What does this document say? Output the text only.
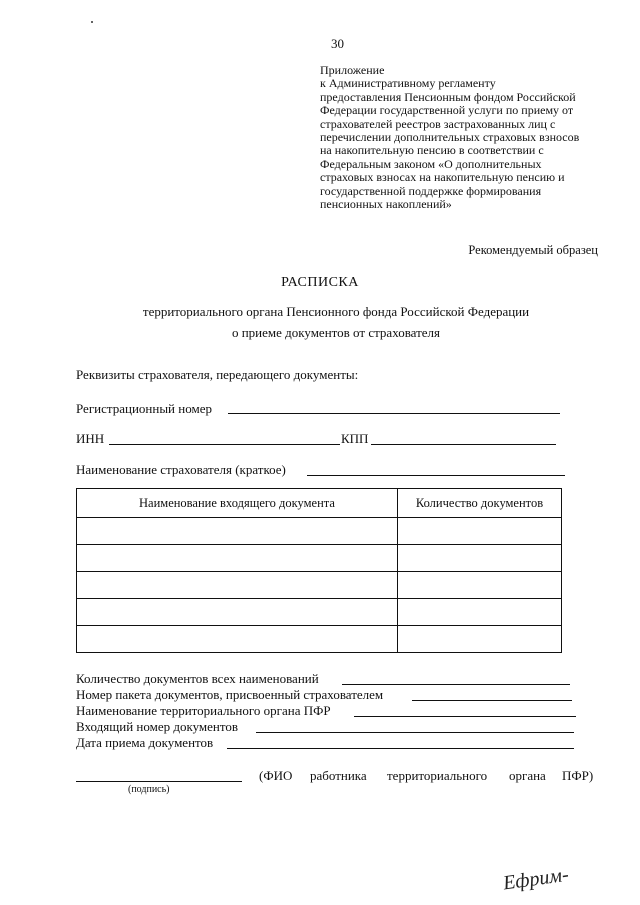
30
Приложение
к Административному регламенту
предоставления Пенсионным фондом Российской
Федерации государственной услуги по приему от
страхователей реестров застрахованных лиц с
перечислении дополнительных страховых взносов
на накопительную пенсию в соответствии с
Федеральным законом «О дополнительных
страховых взносах на накопительную пенсию и
государственной поддержке формирования
пенсионных накоплений»
Рекомендуемый образец
РАСПИСКА
территориального органа Пенсионного фонда Российской Федерации
о приеме документов от страхователя
Реквизиты страхователя, передающего документы:
Регистрационный номер
ИНН	КПП
Наименование страхователя (краткое)
Наименование входящего документа	Количество документов

Количество документов всех наименований
Номер пакета документов, присвоенный страхователем
Наименование территориального органа ПФР
Входящий номер документов
Дата приема документов
(подпись)
(ФИО работника территориального органа ПФР)
Ефрим-
